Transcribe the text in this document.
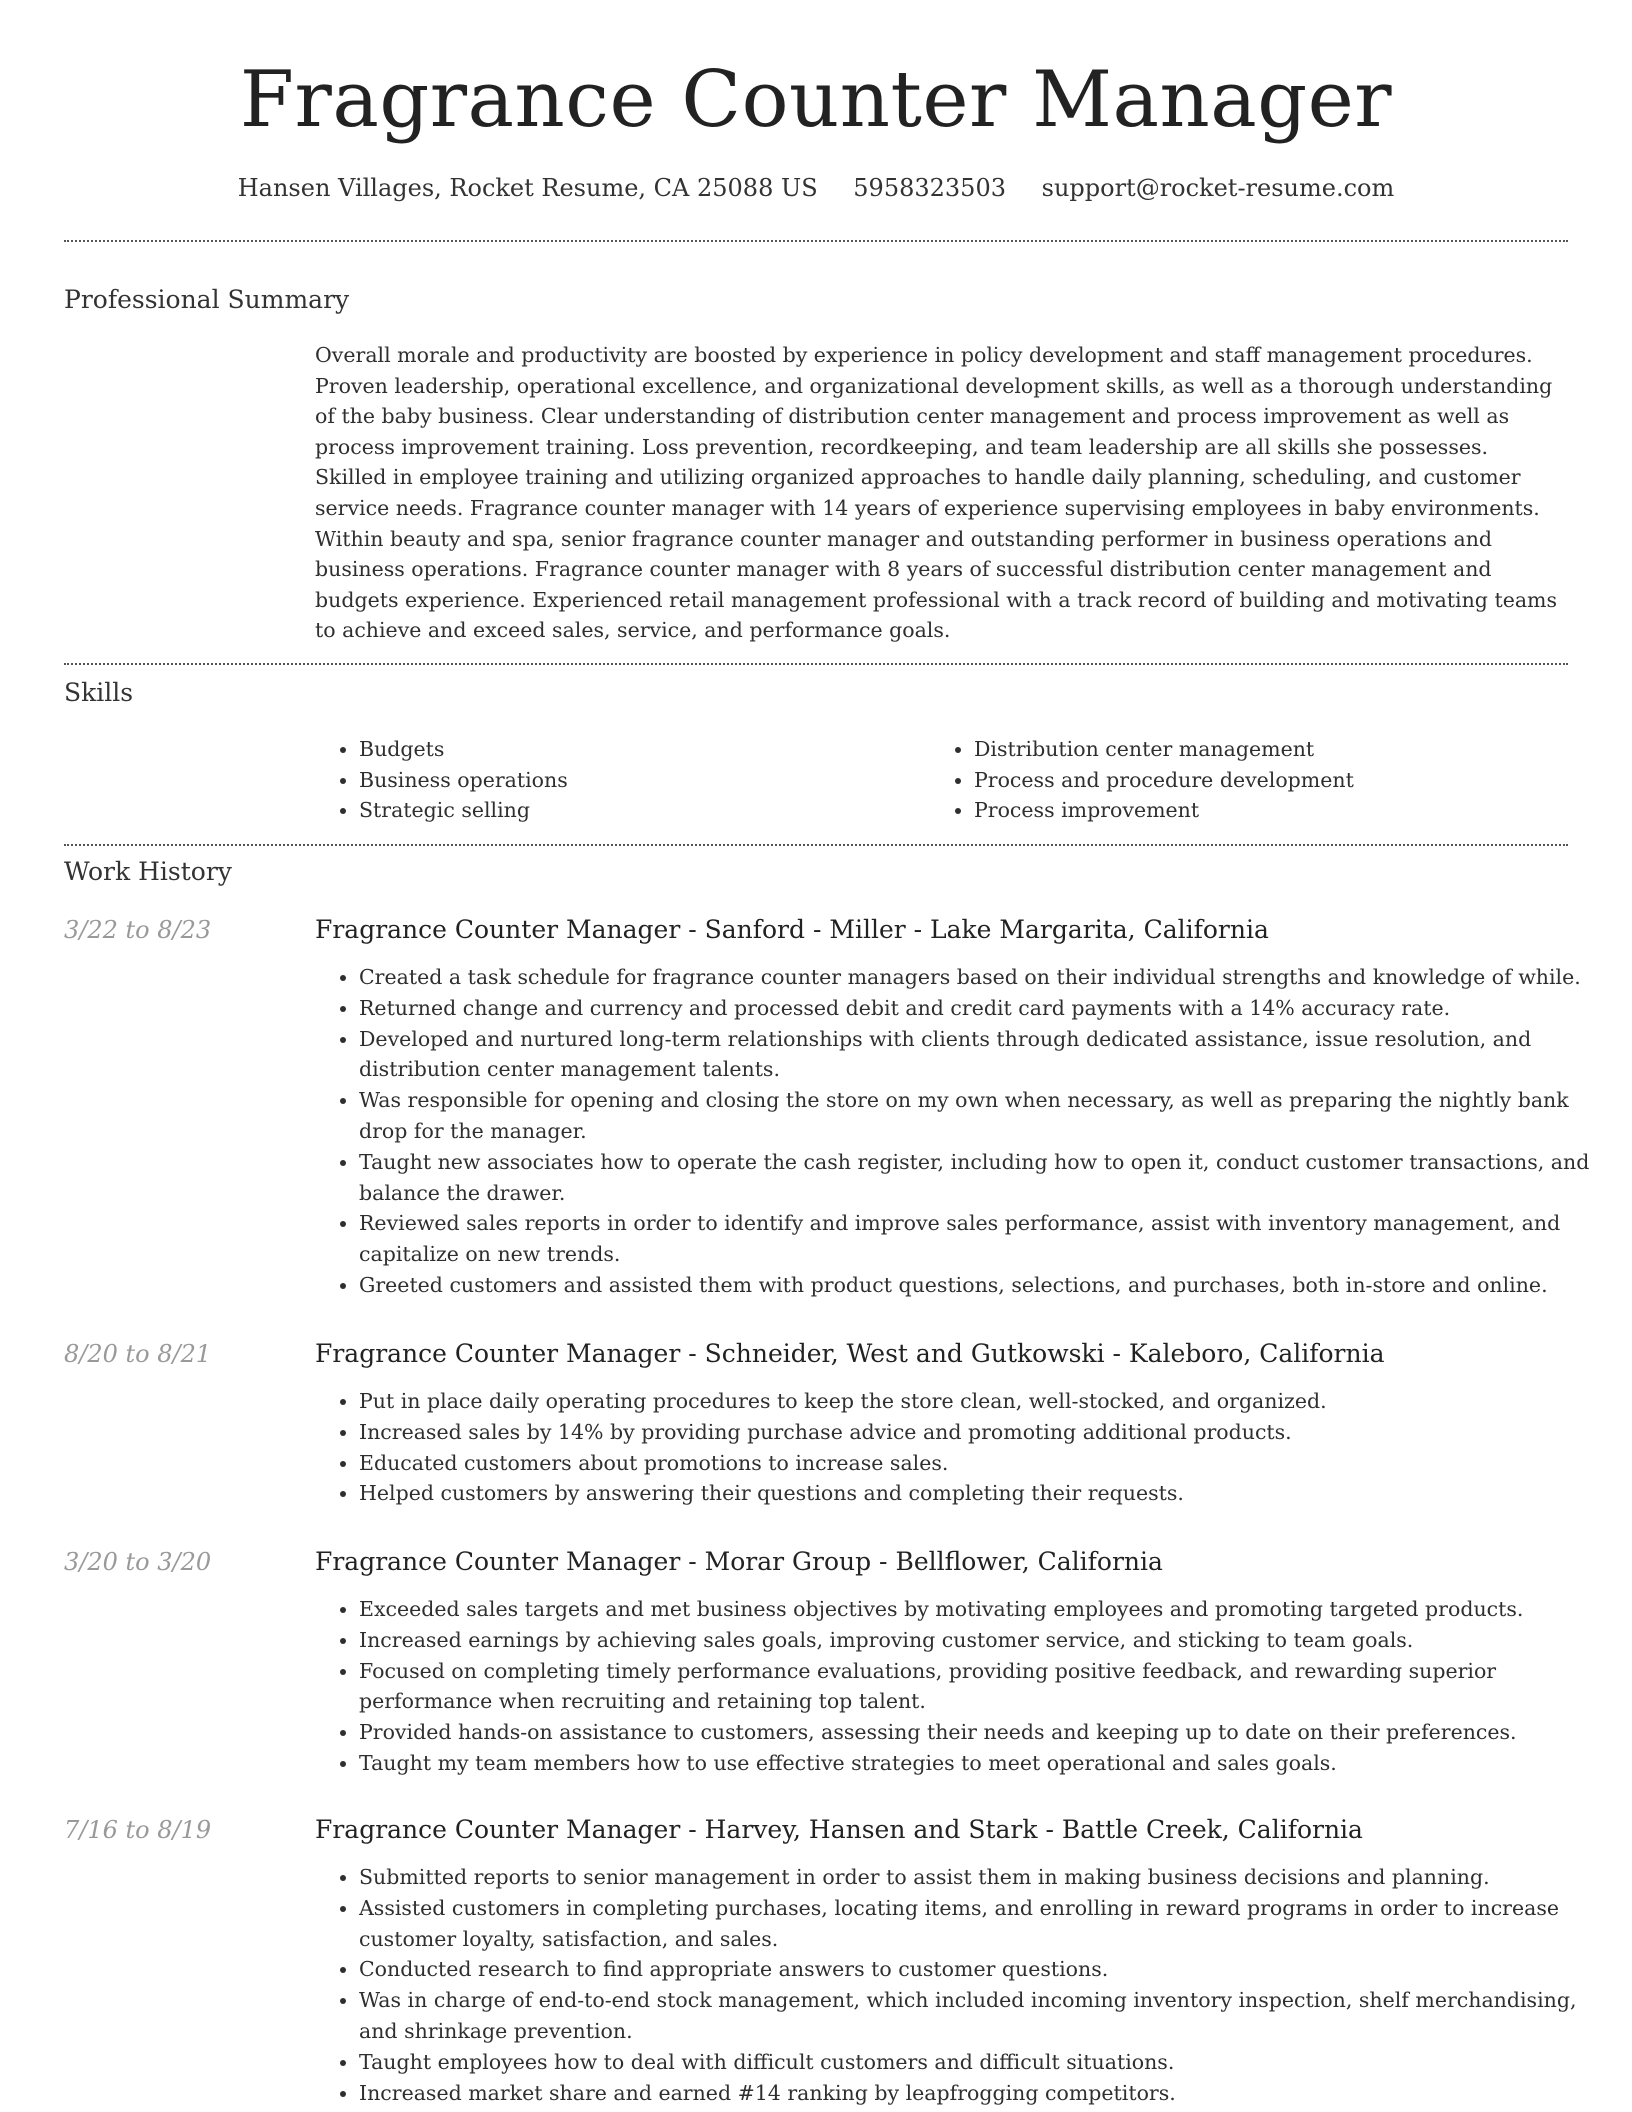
Fragrance Counter Manager
Hansen Villages, Rocket Resume, CA 25088 US 5958323503 support@rocket-resume.com
Professional Summary

Overall morale and productivity are boosted by experience in policy development and staff management procedures. Proven leadership, operational excellence, and organizational development skills, as well as a thorough understanding of the baby business. Clear understanding of distribution center management and process improvement as well as process improvement training. Loss prevention, recordkeeping, and team leadership are all skills she possesses. Skilled in employee training and utilizing organized approaches to handle daily planning, scheduling, and customer service needs. Fragrance counter manager with 14 years of experience supervising employees in baby environments. Within beauty and spa, senior fragrance counter manager and outstanding performer in business operations and business operations. Fragrance counter manager with 8 years of successful distribution center management and budgets experience. Experienced retail management professional with a track record of building and motivating teams to achieve and exceed sales, service, and performance goals.

Skills
• Budgets
• Business operations
• Strategic selling
• Distribution center management
• Process and procedure development
• Process improvement
Work History
3/22 to 8/23	Fragrance Counter Manager - Sanford - Miller - Lake Margarita, California
• Created a task schedule for fragrance counter managers based on their individual strengths and knowledge of while.
• Returned change and currency and processed debit and credit card payments with a 14% accuracy rate.
• Developed and nurtured long-term relationships with clients through dedicated assistance, issue resolution, and distribution center management talents.
• Was responsible for opening and closing the store on my own when necessary, as well as preparing the nightly bank drop for the manager.
• Taught new associates how to operate the cash register, including how to open it, conduct customer transactions, and balance the drawer.
• Reviewed sales reports in order to identify and improve sales performance, assist with inventory management, and capitalize on new trends.
• Greeted customers and assisted them with product questions, selections, and purchases, both in-store and online.
8/20 to 8/21	Fragrance Counter Manager - Schneider, West and Gutkowski - Kaleboro, California
• Put in place daily operating procedures to keep the store clean, well-stocked, and organized.
• Increased sales by 14% by providing purchase advice and promoting additional products.
• Educated customers about promotions to increase sales.
• Helped customers by answering their questions and completing their requests.
3/20 to 3/20	Fragrance Counter Manager - Morar Group - Bellflower, California
• Exceeded sales targets and met business objectives by motivating employees and promoting targeted products.
• Increased earnings by achieving sales goals, improving customer service, and sticking to team goals.
• Focused on completing timely performance evaluations, providing positive feedback, and rewarding superior performance when recruiting and retaining top talent.
• Provided hands-on assistance to customers, assessing their needs and keeping up to date on their preferences.
• Taught my team members how to use effective strategies to meet operational and sales goals.
7/16 to 8/19	Fragrance Counter Manager - Harvey, Hansen and Stark - Battle Creek, California
• Submitted reports to senior management in order to assist them in making business decisions and planning.
• Assisted customers in completing purchases, locating items, and enrolling in reward programs in order to increase customer loyalty, satisfaction, and sales.
• Conducted research to find appropriate answers to customer questions.
• Was in charge of end-to-end stock management, which included incoming inventory inspection, shelf merchandising, and shrinkage prevention.
• Taught employees how to deal with difficult customers and difficult situations.
• Increased market share and earned #14 ranking by leapfrogging competitors.
